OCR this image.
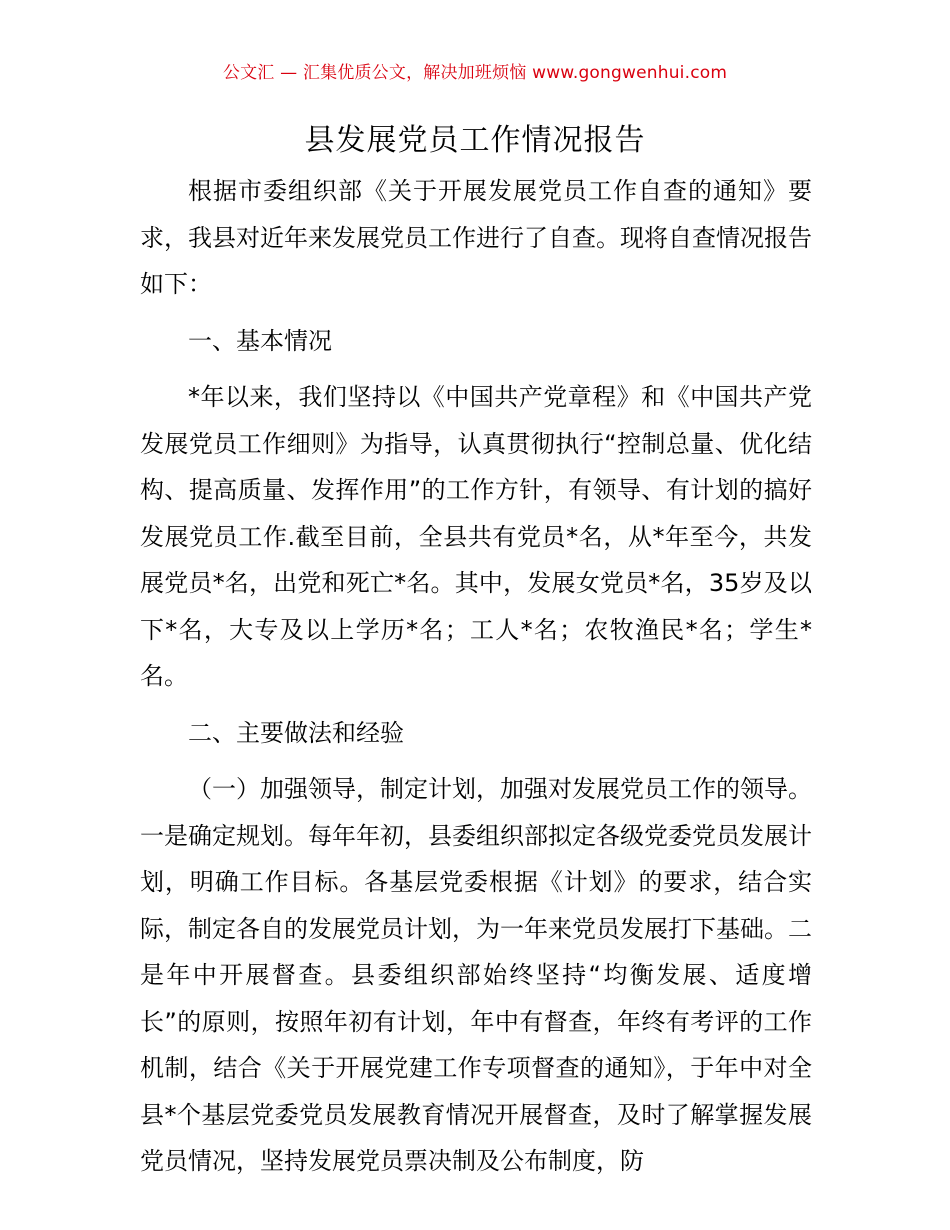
公文汇 — 汇集优质公文，解决加班烦恼 www.gongwenhui.com
县发展党员工作情况报告

根据市委组织部《关于开展发展党员工作自查的通知》要求，我县对近年来发展党员工作进行了自查。现将自查情况报告如下：

一、基本情况

*年以来，我们坚持以《中国共产党章程》和《中国共产党发展党员工作细则》为指导，认真贯彻执行“控制总量、优化结构、提高质量、发挥作用”的工作方针，有领导、有计划的搞好发展党员工作.截至目前，全县共有党员*名，从*年至今，共发展党员*名，出党和死亡*名。其中，发展女党员*名，35岁及以下*名，大专及以上学历*名；工人*名；农牧渔民*名；学生*名。

二、主要做法和经验

（一）加强领导，制定计划，加强对发展党员工作的领导。一是确定规划。每年年初，县委组织部拟定各级党委党员发展计划，明确工作目标。各基层党委根据《计划》的要求，结合实际，制定各自的发展党员计划，为一年来党员发展打下基础。二是年中开展督查。县委组织部始终坚持“均衡发展、适度增长”的原则，按照年初有计划，年中有督查，年终有考评的工作机制，结合《关于开展党建工作专项督查的通知》，于年中对全县*个基层党委党员发展教育情况开展督查，及时了解掌握发展党员情况，坚持发展党员票决制及公布制度，防
